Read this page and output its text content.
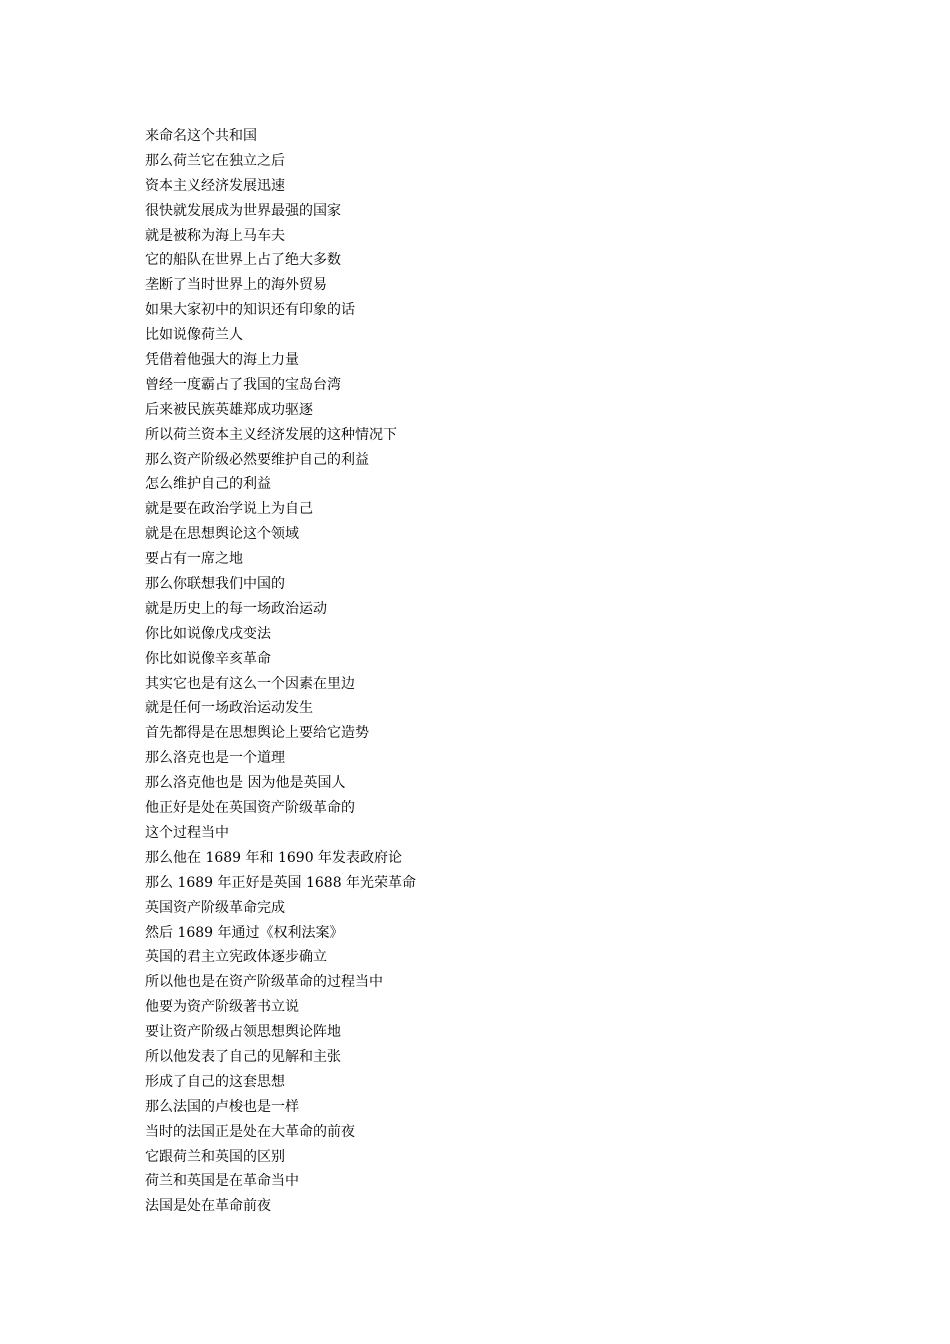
来命名这个共和国

那么荷兰它在独立之后

资本主义经济发展迅速

很快就发展成为世界最强的国家

就是被称为海上马车夫

它的船队在世界上占了绝大多数

垄断了当时世界上的海外贸易

如果大家初中的知识还有印象的话

比如说像荷兰人

凭借着他强大的海上力量

曾经一度霸占了我国的宝岛台湾

后来被民族英雄郑成功驱逐

所以荷兰资本主义经济发展的这种情况下

那么资产阶级必然要维护自己的利益

怎么维护自己的利益

就是要在政治学说上为自己

就是在思想舆论这个领域

要占有一席之地

那么你联想我们中国的

就是历史上的每一场政治运动

你比如说像戊戌变法

你比如说像辛亥革命

其实它也是有这么一个因素在里边

就是任何一场政治运动发生

首先都得是在思想舆论上要给它造势

那么洛克也是一个道理

那么洛克他也是 因为他是英国人

他正好是处在英国资产阶级革命的

这个过程当中

那么他在 1689 年和 1690 年发表政府论

那么 1689 年正好是英国 1688 年光荣革命

英国资产阶级革命完成

然后 1689 年通过《权利法案》

英国的君主立宪政体逐步确立

所以他也是在资产阶级革命的过程当中

他要为资产阶级著书立说

要让资产阶级占领思想舆论阵地

所以他发表了自己的见解和主张

形成了自己的这套思想

那么法国的卢梭也是一样

当时的法国正是处在大革命的前夜

它跟荷兰和英国的区别

荷兰和英国是在革命当中

法国是处在革命前夜
